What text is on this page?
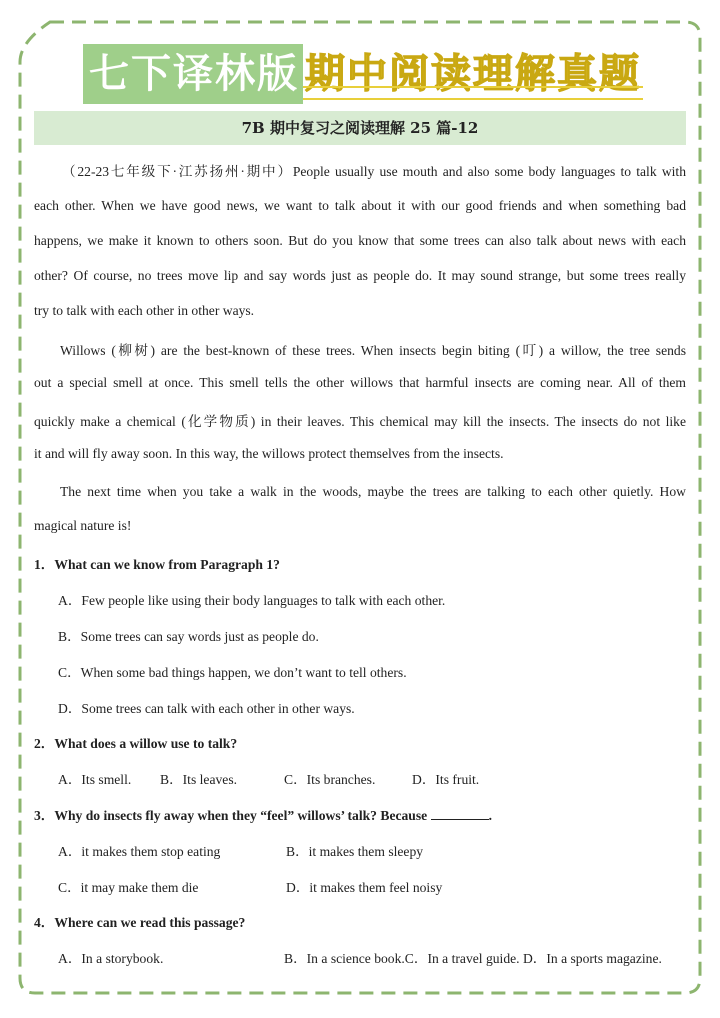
七下译林版 期中阅读理解真题
7B 期中复习之阅读理解 25 篇-12
（22-23七年级下·江苏扬州·期中）People usually use mouth and also some body languages to talk with
each other. When we have good news, we want to talk about it with our good friends and when something bad
happens, we make it known to others soon. But do you know that some trees can also talk about news with each
other? Of course, no trees move lip and say words just as people do. It may sound strange, but some trees really
try to talk with each other in other ways.
Willows (柳树) are the best-known of these trees. When insects begin biting (叮) a willow, the tree sends
out a special smell at once. This smell tells the other willows that harmful insects are coming near. All of them
quickly make a chemical (化学物质) in their leaves. This chemical may kill the insects. The insects do not like
it and will fly away soon. In this way, the willows protect themselves from the insects.
The next time when you take a walk in the woods, maybe the trees are talking to each other quietly. How
magical nature is!
1．What can we know from Paragraph 1?
A．Few people like using their body languages to talk with each other.
B．Some trees can say words just as people do.
C．When some bad things happen, we don’t want to tell others.
D．Some trees can talk with each other in other ways.
2．What does a willow use to talk?
A．Its smell. B．Its leaves.	C．Its branches.	D．Its fruit.
3．Why do insects fly away when they “feel” willows’ talk? Because	.
A．it makes them stop eating	B．it makes them sleepy
C．it may make them die	D．it makes them feel noisy
4．Where can we read this passage?
A．In a storybook.	B．In a science book.C．In a travel guide. D．In a sports magazine.
